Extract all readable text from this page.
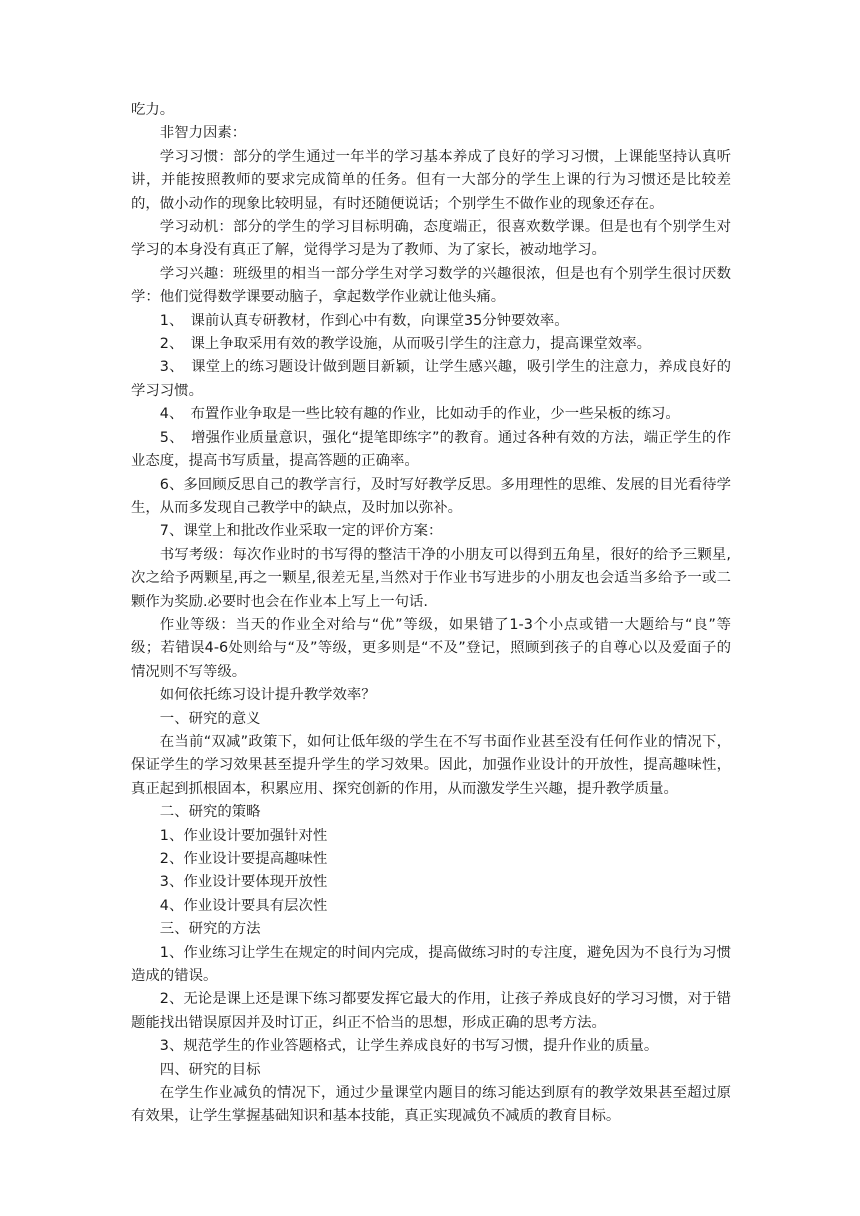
吃力。

非智力因素：

学习习惯：部分的学生通过一年半的学习基本养成了良好的学习习惯，上课能坚持认真听讲，并能按照教师的要求完成简单的任务。但有一大部分的学生上课的行为习惯还是比较差的，做小动作的现象比较明显，有时还随便说话；个别学生不做作业的现象还存在。

学习动机：部分的学生的学习目标明确，态度端正，很喜欢数学课。但是也有个别学生对学习的本身没有真正了解，觉得学习是为了教师、为了家长，被动地学习。

学习兴趣：班级里的相当一部分学生对学习数学的兴趣很浓，但是也有个别学生很讨厌数学：他们觉得数学课要动脑子，拿起数学作业就让他头痛。

1、　课前认真专研教材，作到心中有数，向课堂35分钟要效率。

2、　课上争取采用有效的教学设施，从而吸引学生的注意力，提高课堂效率。

3、　课堂上的练习题设计做到题目新颖，让学生感兴趣，吸引学生的注意力，养成良好的学习习惯。

4、　布置作业争取是一些比较有趣的作业，比如动手的作业，少一些呆板的练习。

5、　增强作业质量意识，强化“提笔即练字”的教育。通过各种有效的方法，端正学生的作业态度，提高书写质量，提高答题的正确率。

6、多回顾反思自己的教学言行，及时写好教学反思。多用理性的思维、发展的目光看待学生，从而多发现自己教学中的缺点，及时加以弥补。

7、课堂上和批改作业采取一定的评价方案：

书写考级：每次作业时的书写得的整洁干净的小朋友可以得到五角星，很好的给予三颗星,次之给予两颗星,再之一颗星,很差无星,当然对于作业书写进步的小朋友也会适当多给予一或二颗作为奖励.必要时也会在作业本上写上一句话.

作业等级：当天的作业全对给与“优”等级，如果错了1-3个小点或错一大题给与“良”等级；若错误4-6处则给与“及”等级，更多则是“不及”登记，照顾到孩子的自尊心以及爱面子的情况则不写等级。

如何依托练习设计提升教学效率？

一、研究的意义

在当前“双减”政策下，如何让低年级的学生在不写书面作业甚至没有任何作业的情况下，保证学生的学习效果甚至提升学生的学习效果。因此，加强作业设计的开放性，提高趣味性，真正起到抓根固本，积累应用、探究创新的作用，从而激发学生兴趣，提升教学质量。

二、研究的策略

1、作业设计要加强针对性

2、作业设计要提高趣味性

3、作业设计要体现开放性

4、作业设计要具有层次性

三、研究的方法

1、作业练习让学生在规定的时间内完成，提高做练习时的专注度，避免因为不良行为习惯造成的错误。

2、无论是课上还是课下练习都要发挥它最大的作用，让孩子养成良好的学习习惯，对于错题能找出错误原因并及时订正，纠正不恰当的思想，形成正确的思考方法。

3、规范学生的作业答题格式，让学生养成良好的书写习惯，提升作业的质量。

四、研究的目标

在学生作业减负的情况下，通过少量课堂内题目的练习能达到原有的教学效果甚至超过原有效果，让学生掌握基础知识和基本技能，真正实现减负不减质的教育目标。
